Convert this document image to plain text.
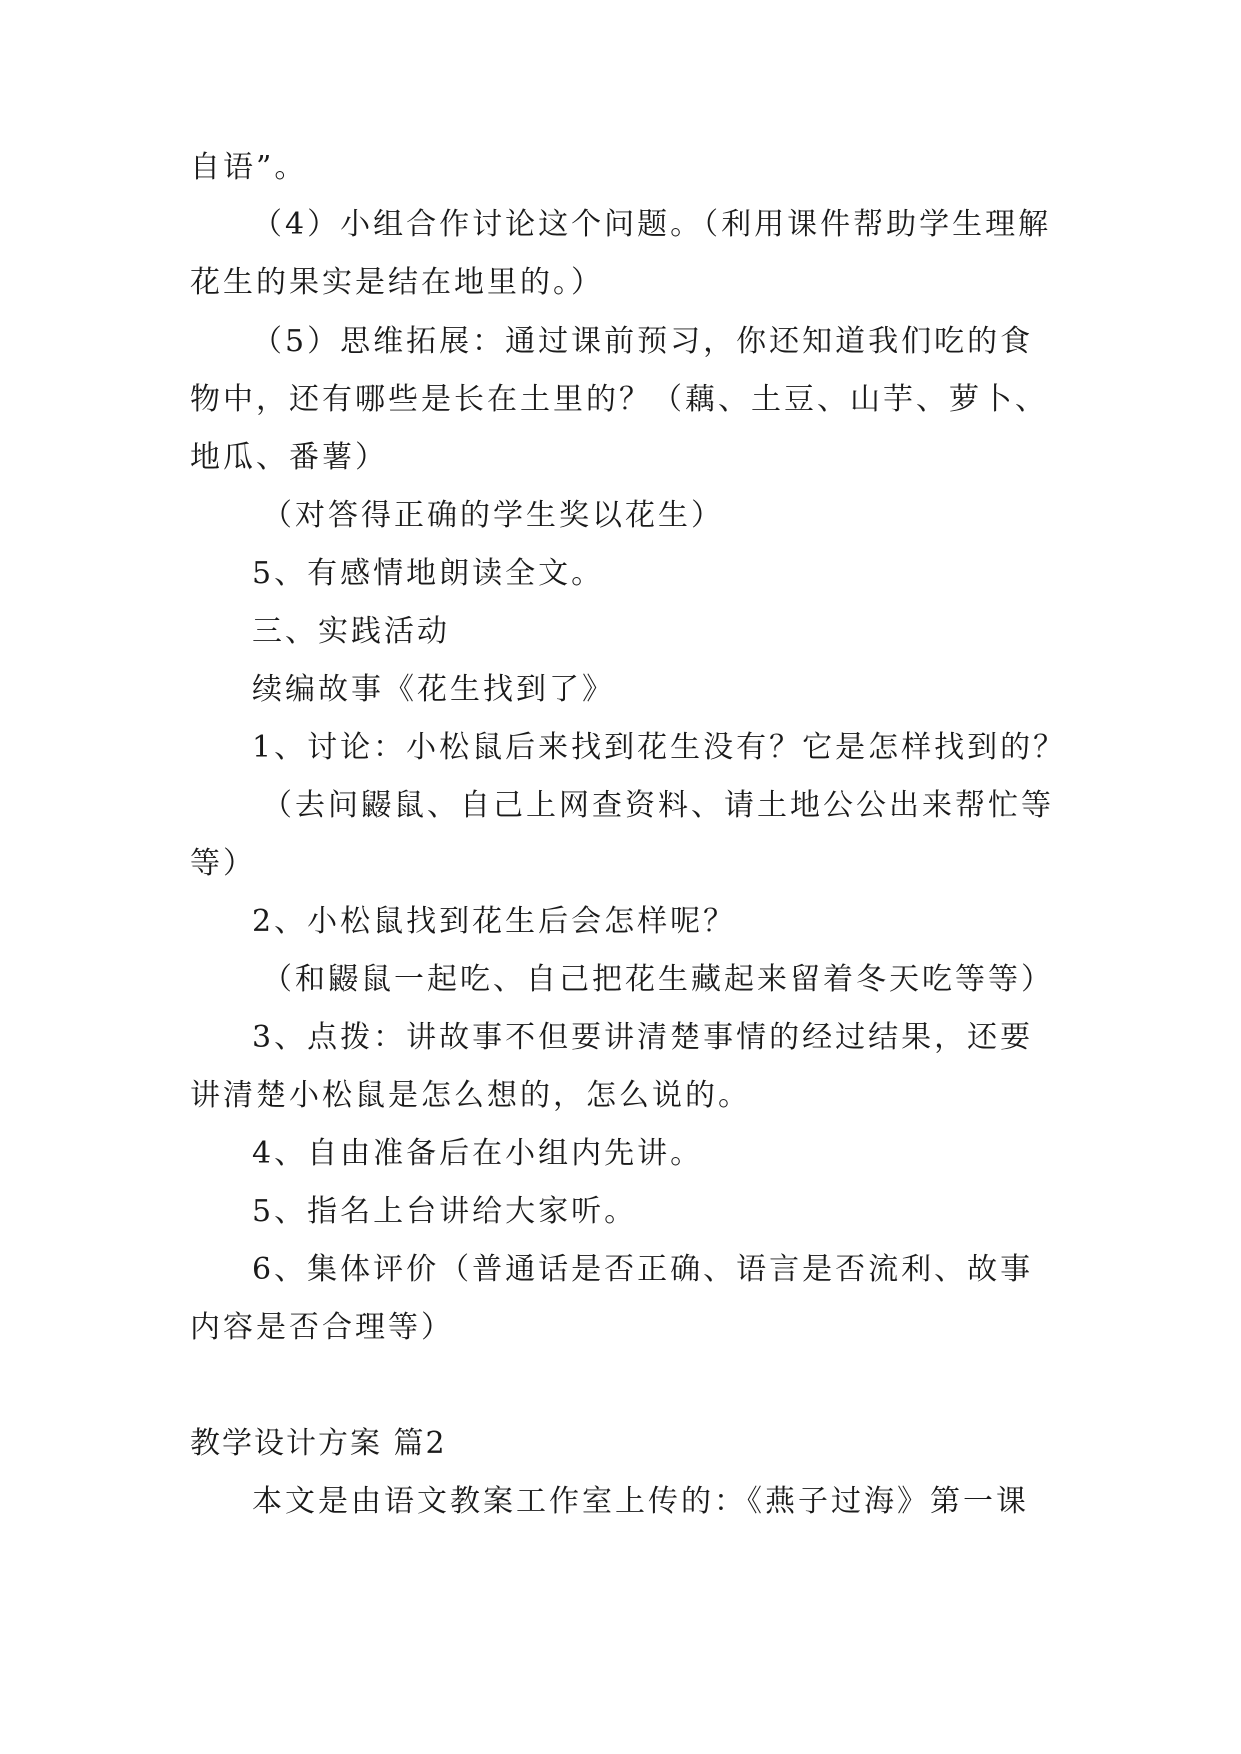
自语”。
（4）小组合作讨论这个问题。（利用课件帮助学生理解
花生的果实是结在地里的。）
（5）思维拓展：通过课前预习，你还知道我们吃的食
物中，还有哪些是长在土里的？（藕、土豆、山芋、萝卜、
地瓜、番薯）
（对答得正确的学生奖以花生）
5、有感情地朗读全文。
三、实践活动
续编故事《花生找到了》
1、讨论：小松鼠后来找到花生没有？它是怎样找到的？
（去问鼹鼠、自己上网查资料、请土地公公出来帮忙等
等）
2、小松鼠找到花生后会怎样呢？
（和鼹鼠一起吃、自己把花生藏起来留着冬天吃等等）
3、点拨：讲故事不但要讲清楚事情的经过结果，还要
讲清楚小松鼠是怎么想的，怎么说的。
4、自由准备后在小组内先讲。
5、指名上台讲给大家听。
6、集体评价（普通话是否正确、语言是否流利、故事
内容是否合理等）
教学设计方案 篇2
本文是由语文教案工作室上传的：《燕子过海》第一课
